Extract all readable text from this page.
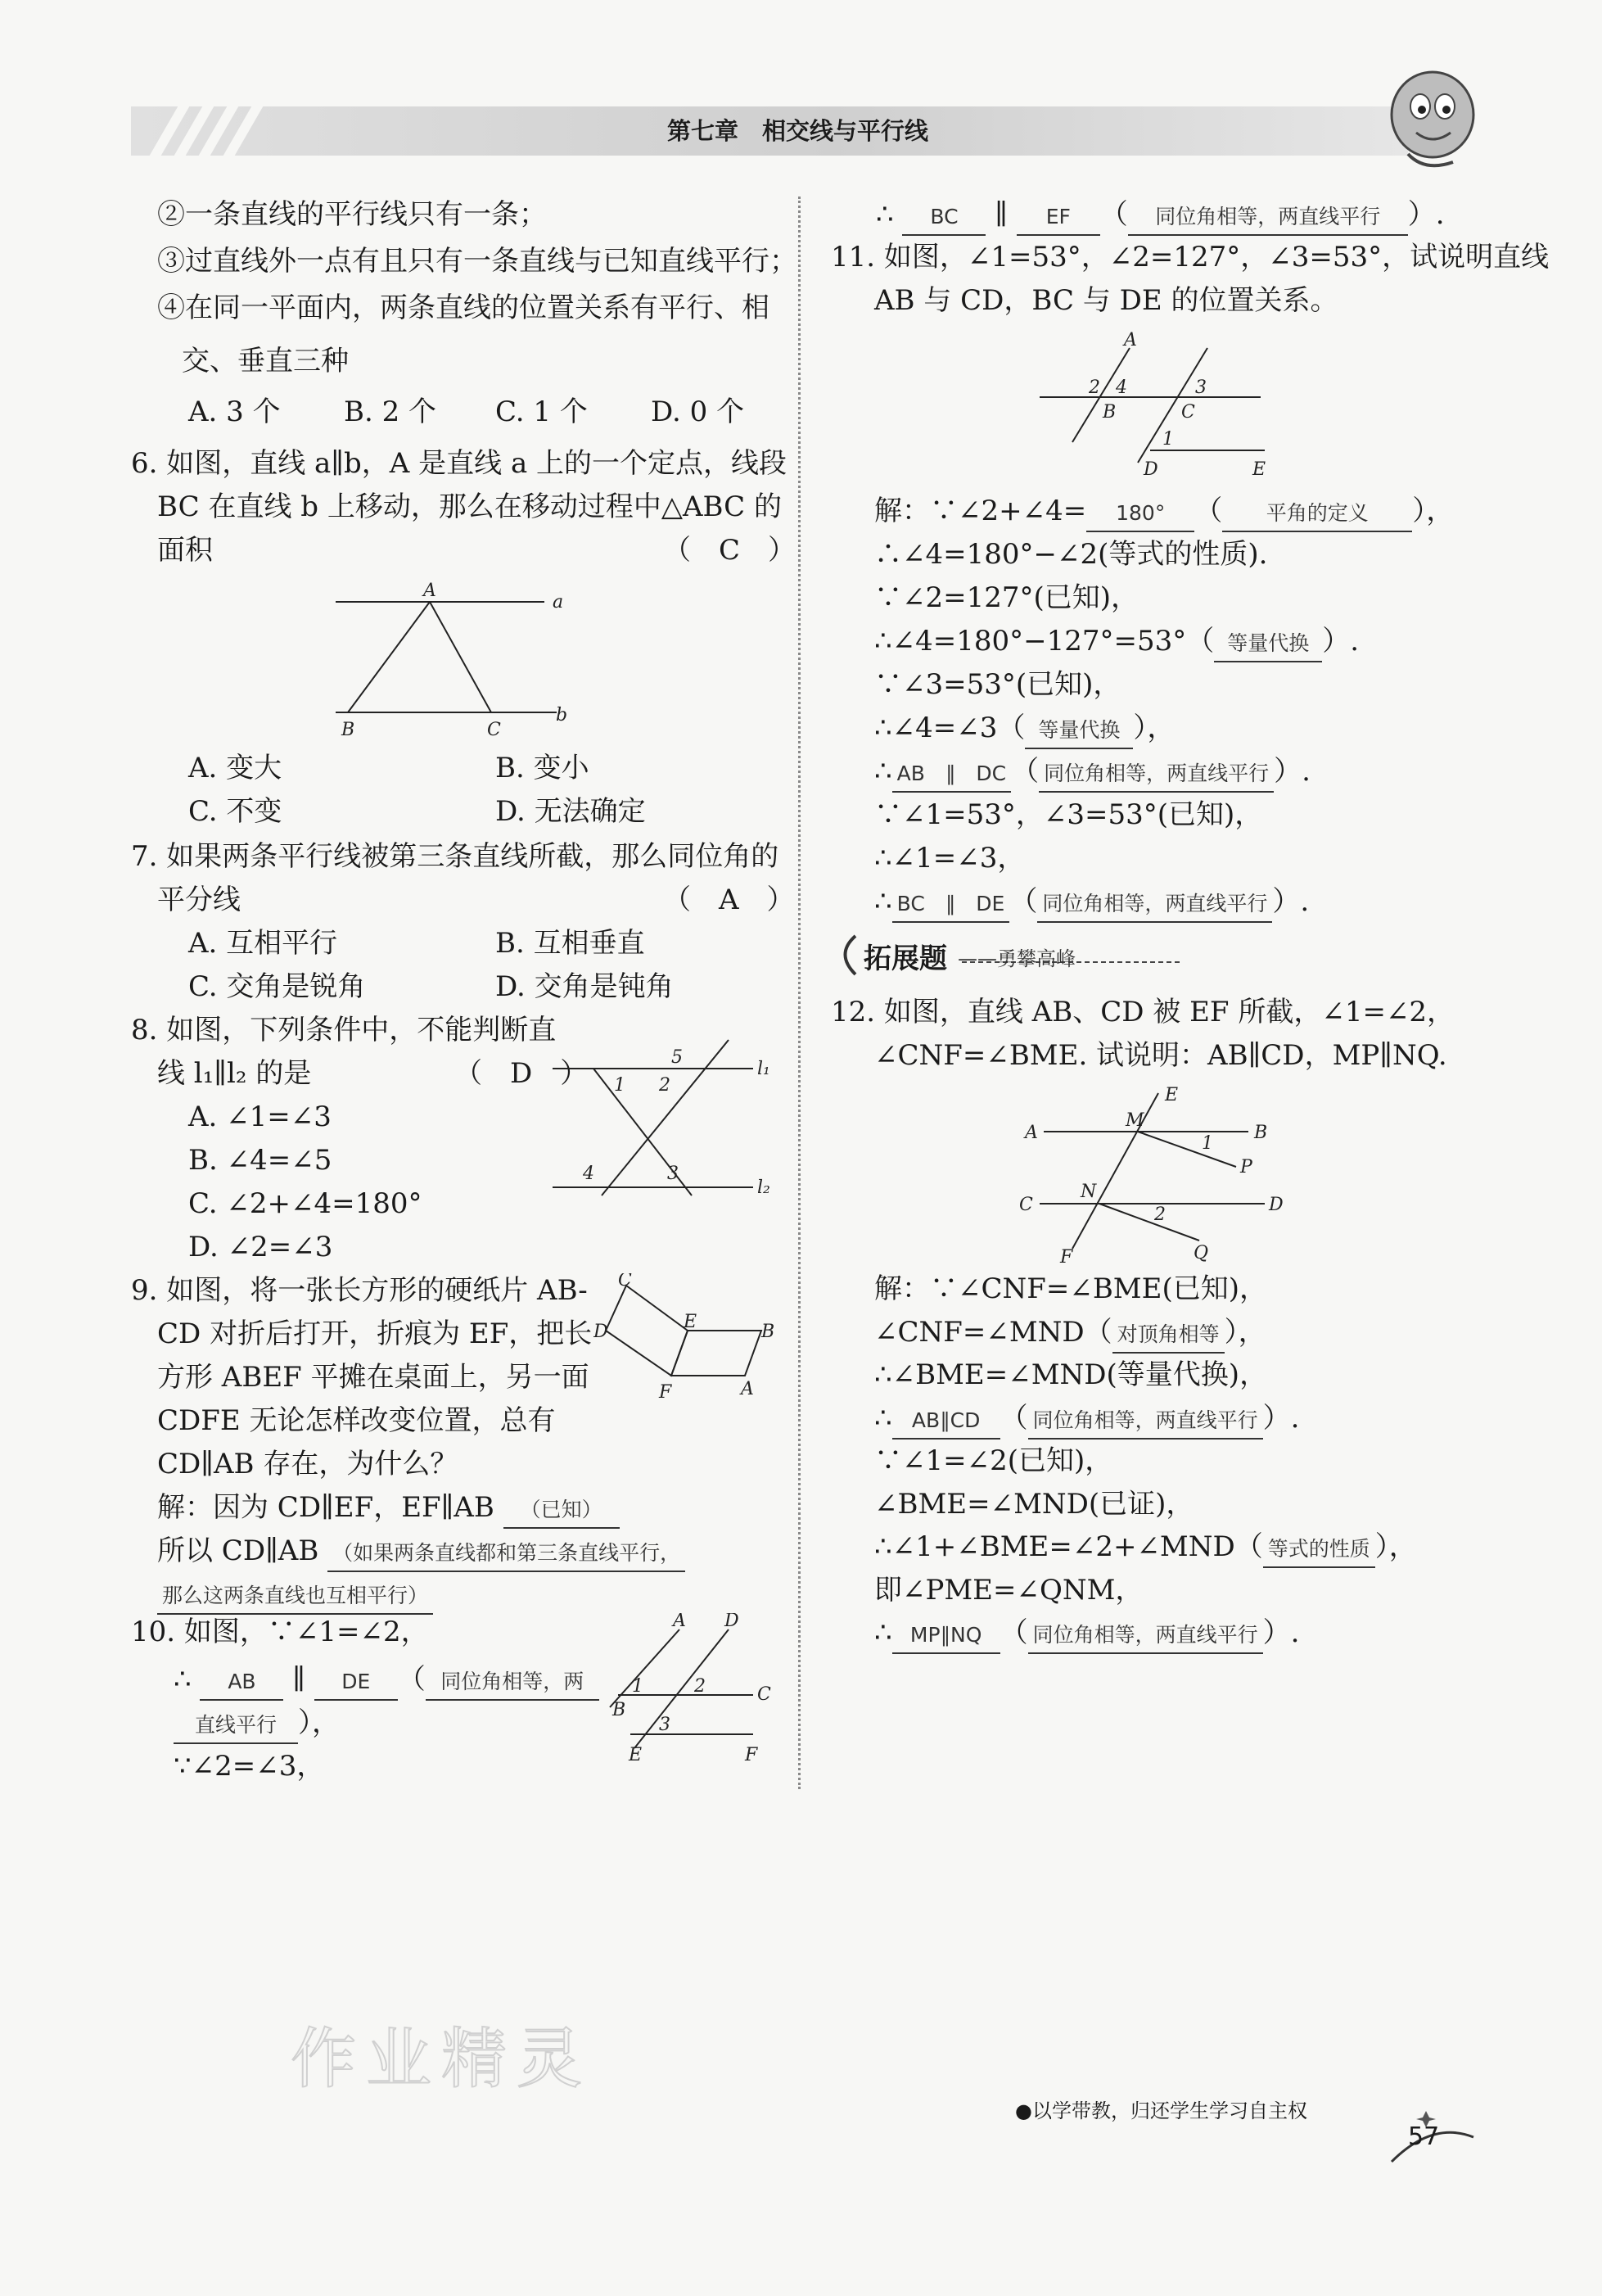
第七章　相交线与平行线
②一条直线的平行线只有一条；
③过直线外一点有且只有一条直线与已知直线平行；
④在同一平面内，两条直线的位置关系有平行、相
交、垂直三种
A. 3 个 B. 2 个 C. 1 个 D. 0 个
6. 如图，直线 a∥b，A 是直线 a 上的一个定点，线段
BC 在直线 b 上移动，那么在移动过程中△ABC 的
面积	（　C　）
A
a
B	C
b
A. 变大	B. 变小
C. 不变	D. 无法确定
7. 如果两条平行线被第三条直线所截，那么同位角的
平分线	（　A　）
A. 互相平行	B. 互相垂直
C. 交角是锐角	D. 交角是钝角
8. 如图，下列条件中，不能判断直
线 l₁∥l₂ 的是	（　D　）
A. ∠1=∠3
B. ∠4=∠5
C. ∠2+∠4=180°
D. ∠2=∠3
5
l₁
1 2
4	3
l₂
9. 如图，将一张长方形的硬纸片 AB-
CD 对折后打开，折痕为 EF，把长
方形 ABEF 平摊在桌面上，另一面
CDFE 无论怎样改变位置，总有
CD∥AB 存在，为什么？
C
D	E	B
F	A
解：因为 CD∥EF，EF∥AB （已知）
所以 CD∥AB （如果两条直线都和第三条直线平行，
那么这两条直线也互相平行）
10. 如图，∵∠1=∠2，
∴ AB ∥ DE （ 同位角相等，两
直线平行 ），
∵∠2=∠3，
A D
1	2
B
C
3
E	F
作业精灵
∴ BC ∥ EF （ 同位角相等，两直线平行 ）.
11. 如图，∠1=53°，∠2=127°，∠3=53°，试说明直线
AB 与 CD，BC 与 DE 的位置关系。
A
2 4	3
B	C
1
D	E
解：∵∠2+∠4= 180° （ 平角的定义 ），
∴∠4=180°−∠2(等式的性质).
∵∠2=127°(已知)，
∴∠4=180°−127°=53°（ 等量代换 ）.
∵∠3=53°(已知)，
∴∠4=∠3（ 等量代换 ），
∴ AB　∥　DC （ 同位角相等，两直线平行 ）.
∵∠1=53°，∠3=53°(已知)，
∴∠1=∠3，
∴ BC　∥　DE （ 同位角相等，两直线平行 ）.
拓展题 ——勇攀高峰
12. 如图，直线 AB、CD 被 EF 所截，∠1=∠2，
∠CNF=∠BME. 试说明：AB∥CD，MP∥NQ.
E
A
M
B
1
P
C
N
D
2
F	Q
解：∵∠CNF=∠BME(已知)，
∠CNF=∠MND（ 对顶角相等 ），
∴∠BME=∠MND(等量代换)，
∴ AB∥CD （ 同位角相等，两直线平行 ）.
∵∠1=∠2(已知)，
∠BME=∠MND(已证)，
∴∠1+∠BME=∠2+∠MND（ 等式的性质 ），
即∠PME=∠QNM，
∴ MP∥NQ （ 同位角相等，两直线平行 ）.
●以学带教，归还学生学习自主权
57
